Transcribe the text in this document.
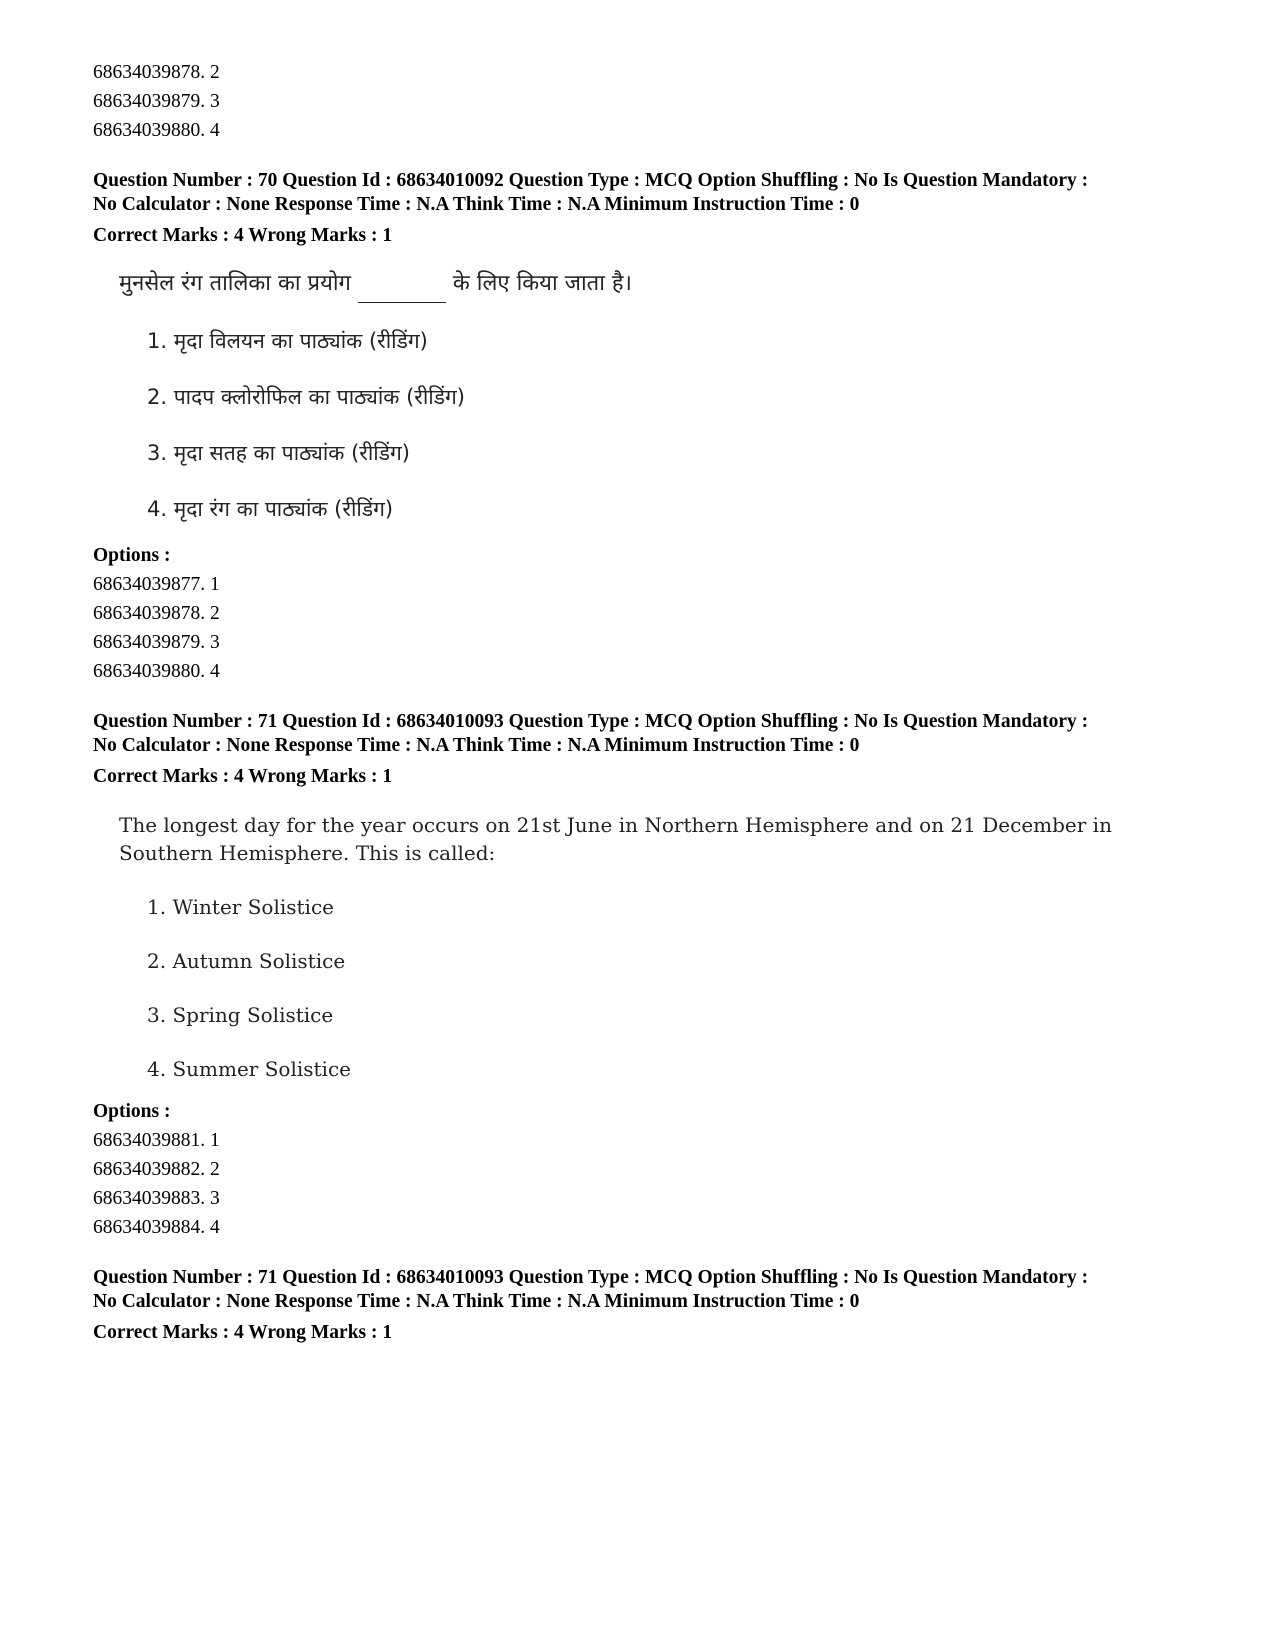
68634039878. 2

68634039879. 3

68634039880. 4

Question Number : 70 Question Id : 68634010092 Question Type : MCQ Option Shuffling : No Is Question Mandatory :

No Calculator : None Response Time : N.A Think Time : N.A Minimum Instruction Time : 0

Correct Marks : 4 Wrong Marks : 1

मुनसेल रंग तालिका का प्रयोग	के लिए किया जाता है।
1. मृदा विलयन का पाठ्यांक (रीडिंग)
2. पादप क्लोरोफिल का पाठ्यांक (रीडिंग)
3. मृदा सतह का पाठ्यांक (रीडिंग)
4. मृदा रंग का पाठ्यांक (रीडिंग)

Options :

68634039877. 1

68634039878. 2

68634039879. 3

68634039880. 4

Question Number : 71 Question Id : 68634010093 Question Type : MCQ Option Shuffling : No Is Question Mandatory :

No Calculator : None Response Time : N.A Think Time : N.A Minimum Instruction Time : 0

Correct Marks : 4 Wrong Marks : 1

The longest day for the year occurs on 21st June in Northern Hemisphere and on 21 December in Southern Hemisphere. This is called:
1. Winter Solistice
2. Autumn Solistice
3. Spring Solistice
4. Summer Solistice

Options :

68634039881. 1

68634039882. 2

68634039883. 3

68634039884. 4

Question Number : 71 Question Id : 68634010093 Question Type : MCQ Option Shuffling : No Is Question Mandatory :

No Calculator : None Response Time : N.A Think Time : N.A Minimum Instruction Time : 0

Correct Marks : 4 Wrong Marks : 1
